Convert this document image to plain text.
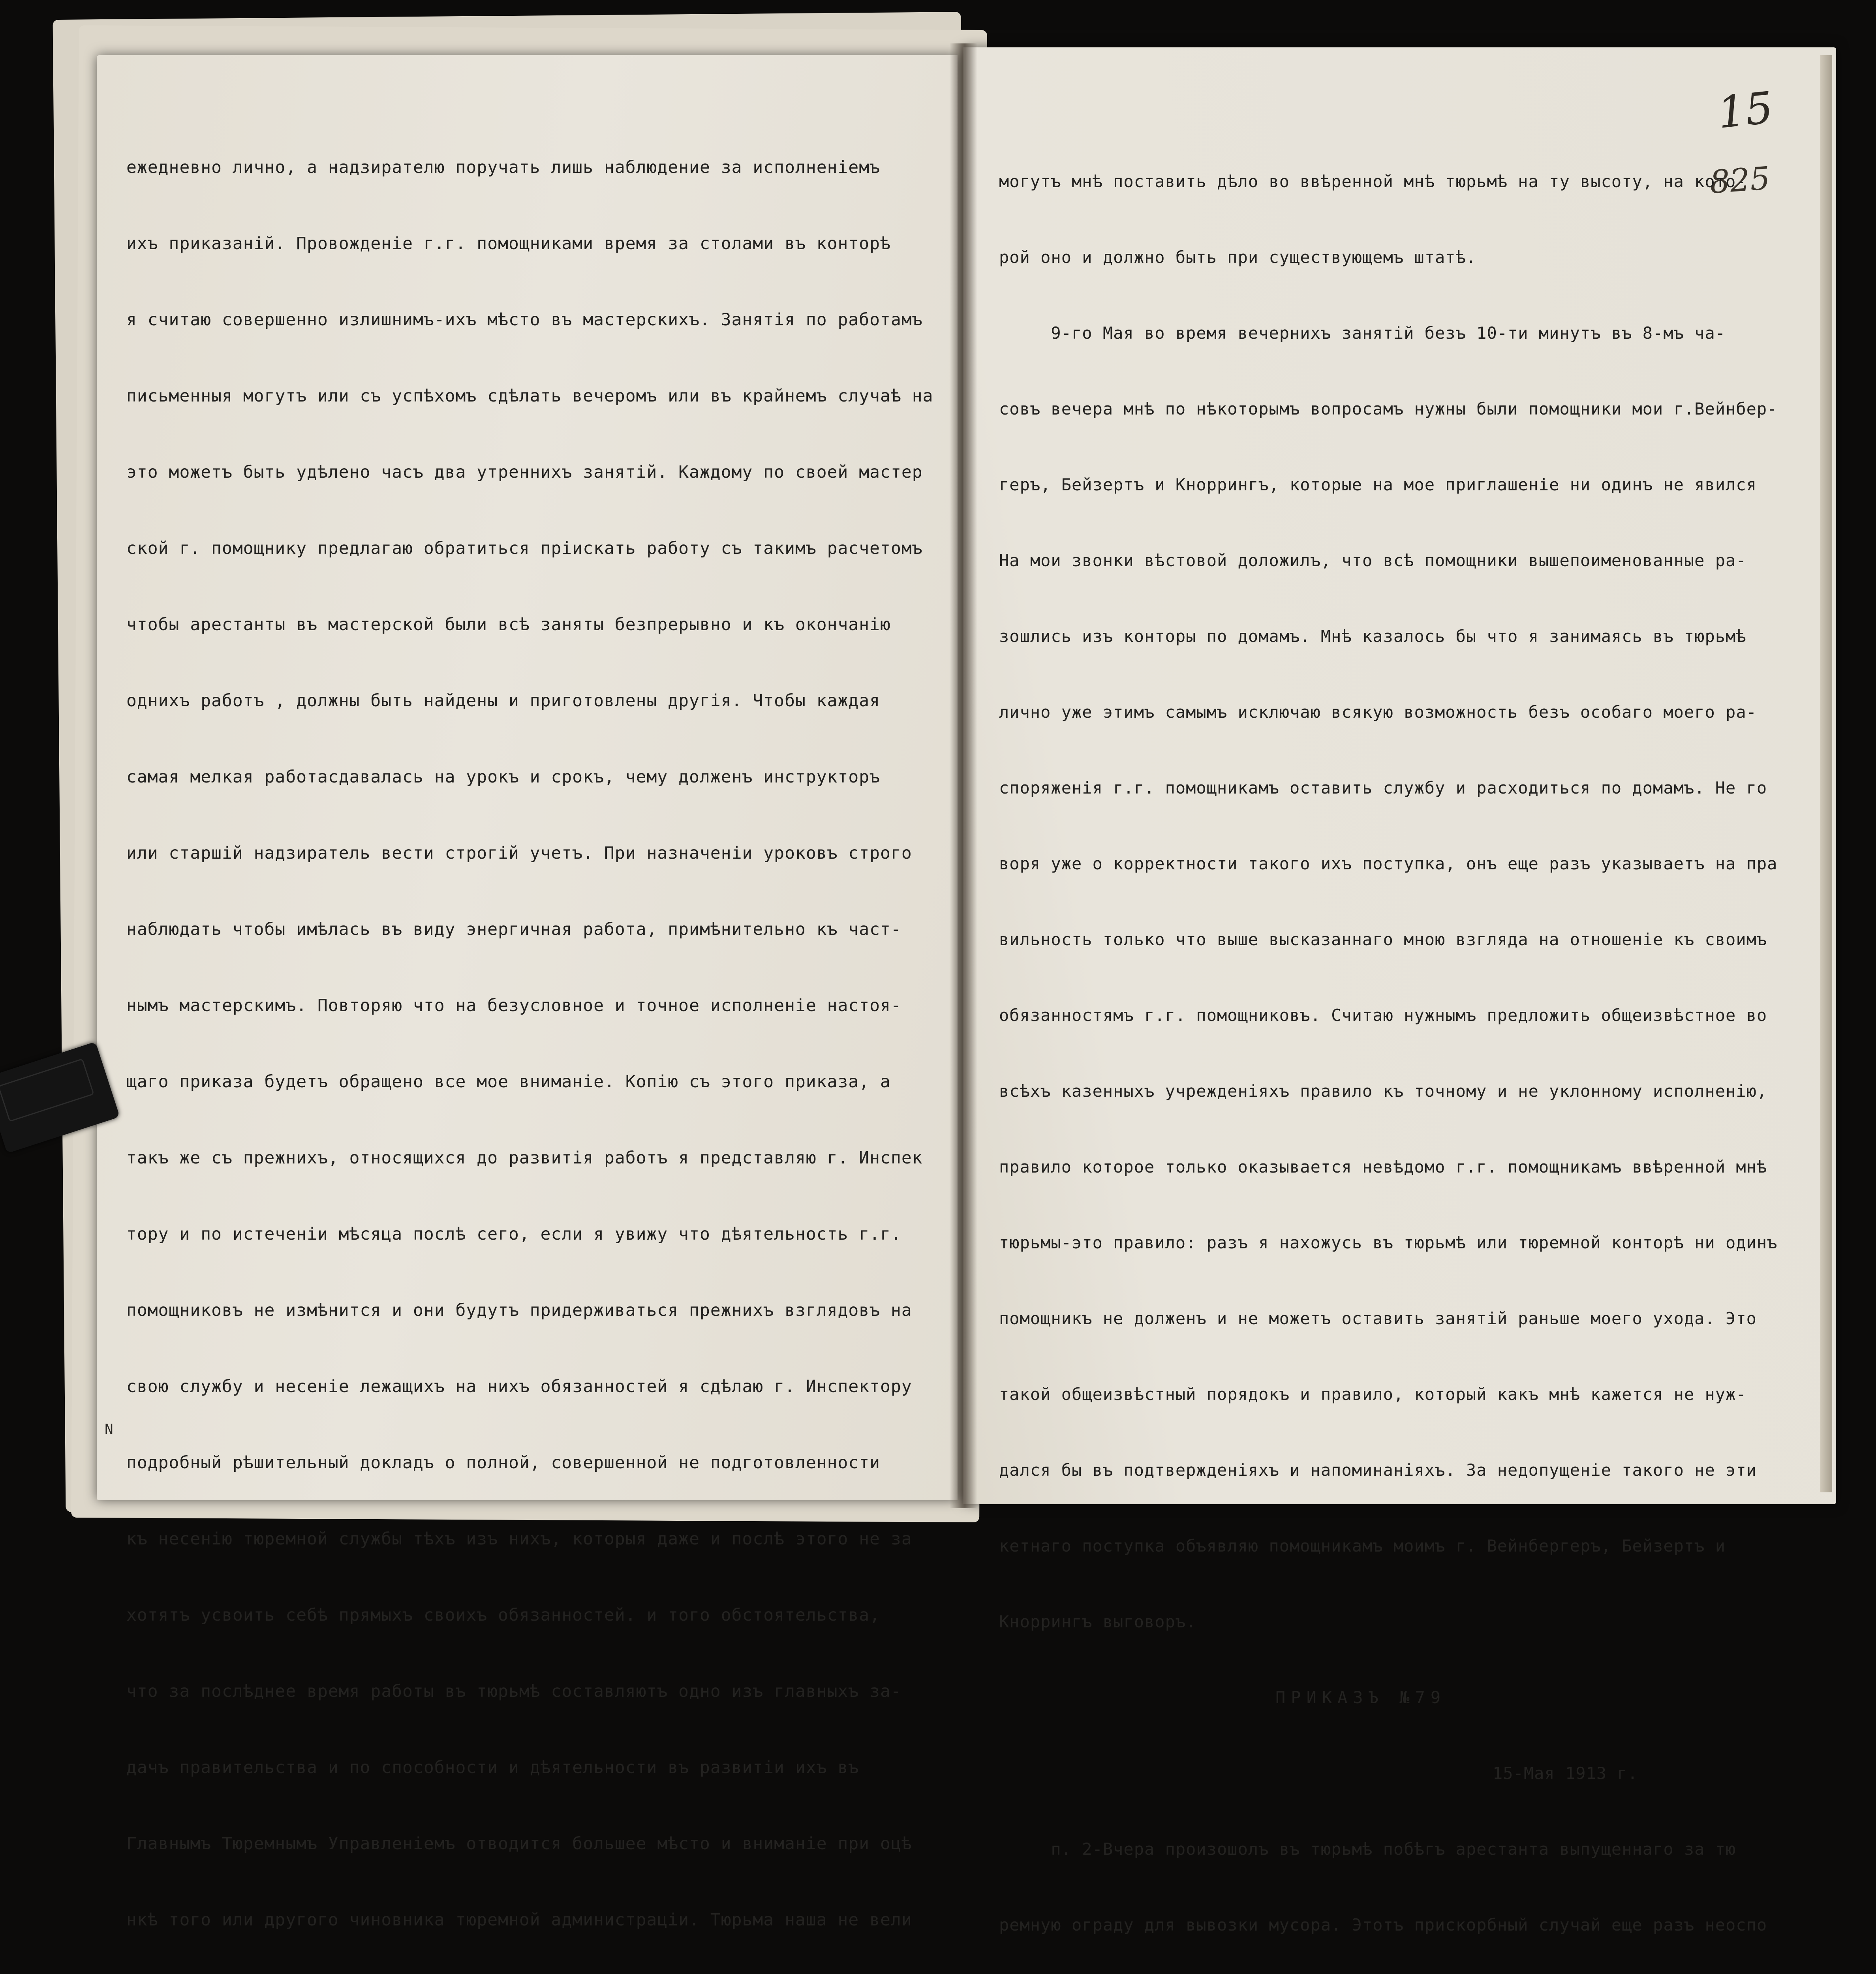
ежедневно лично, а надзирателю поручать лишь наблюдение за исполненіемъ

ихъ приказаній. Провожденіе г.г. помощниками время за столами въ конторѣ

я считаю совершенно излишнимъ-ихъ мѣсто въ мастерскихъ. Занятія по работамъ

письменныя могутъ или съ успѣхомъ сдѣлать вечеромъ или въ крайнемъ случаѣ на

это можетъ быть удѣлено часъ два утреннихъ занятій. Каждому по своей мастер

ской г. помощнику предлагаю обратиться пріискать работу съ такимъ расчетомъ

чтобы арестанты въ мастерской были всѣ заняты безпрерывно и къ окончанію

однихъ работъ , должны быть найдены и приготовлены другія. Чтобы каждая

самая мелкая работасдавалась на урокъ и срокъ, чему долженъ инструкторъ

или старшій надзиратель вести строгій учетъ. При назначеніи уроковъ строго

наблюдать чтобы имѣлась въ виду энергичная работа, примѣнительно къ част-

нымъ мастерскимъ. Повторяю что на безусловное и точное исполненіе настоя-

щаго приказа будетъ обращено все мое вниманіе. Копію съ этого приказа, а

такъ же съ прежнихъ, относящихся до развитія работъ я представляю г. Инспек

тору и по истеченіи мѣсяца послѣ сего, если я увижу что дѣятельность г.г.

помощниковъ не измѣнится и они будутъ придерживаться прежнихъ взглядовъ на

свою службу и несеніе лежащихъ на нихъ обязанностей я сдѣлаю г. Инспектору

подробный рѣшительный докладъ о полной, совершенной не подготовленности

къ несенію тюремной службы тѣхъ изъ нихъ, которыя даже и послѣ этого не за

хотятъ усвоить себѣ прямыхъ своихъ обязанностей. и того обстоятельства,

что за послѣднее время работы въ тюрьмѣ составляютъ одно изъ главныхъ за-

дачъ правительства и по способности и дѣятельности въ развитіи ихъ въ

Главнымъ Тюремнымъ Управленіемъ отводится большее мѣсто и вниманіе при оцѣ

нкѣ того или другого чиновника тюремной администраціи. Тюрьма наша не вели

N
15
825

могутъ мнѣ поставить дѣло во ввѣренной мнѣ тюрьмѣ на ту высоту, на кото-

рой оно и должно быть при существующемъ штатѣ.

9-го Мая во время вечернихъ занятій безъ 10-ти минутъ въ 8-мъ ча-

совъ вечера мнѣ по нѣкоторымъ вопросамъ нужны были помощники мои г.Вейнбер-

геръ, Бейзертъ и Кноррингъ, которые на мое приглашеніе ни одинъ не явился

На мои звонки вѣстовой доложилъ, что всѣ помощники вышепоименованные ра-

зошлись изъ конторы по домамъ. Мнѣ казалось бы что я занимаясь въ тюрьмѣ

лично уже этимъ самымъ исключаю всякую возможность безъ особаго моего ра-

споряженія г.г. помощникамъ оставить службу и расходиться по домамъ. Не го

воря уже о корректности такого ихъ поступка, онъ еще разъ указываетъ на пра

вильность только что выше высказаннаго мною взгляда на отношеніе къ своимъ

обязанностямъ г.г. помощниковъ. Считаю нужнымъ предложить общеизвѣстное во

всѣхъ казенныхъ учрежденіяхъ правило къ точному и не уклонному исполненію,

правило которое только оказывается невѣдомо г.г. помощникамъ ввѣренной мнѣ

тюрьмы-это правило: разъ я нахожусь въ тюрьмѣ или тюремной конторѣ ни одинъ

помощникъ не долженъ и не можетъ оставить занятій раньше моего ухода. Это

такой общеизвѣстный порядокъ и правило, который какъ мнѣ кажется не нуж-

дался бы въ подтвержденіяхъ и напоминаніяхъ. За недопущеніе такого не эти

кетнаго поступка объявляю помощникамъ моимъ г. Вейнбергеръ, Бейзертъ и

Кноррингъ выговоръ.

ПРИКАЗЪ №79

15-Мая 1913 г.

п. 2-Вчера произошолъ въ тюрьмѣ побѣгъ арестанта выпущеннаго за тю

ремную ограду для вывозки мусора. Этотъ прискорбный случай еще разъ неоспо
